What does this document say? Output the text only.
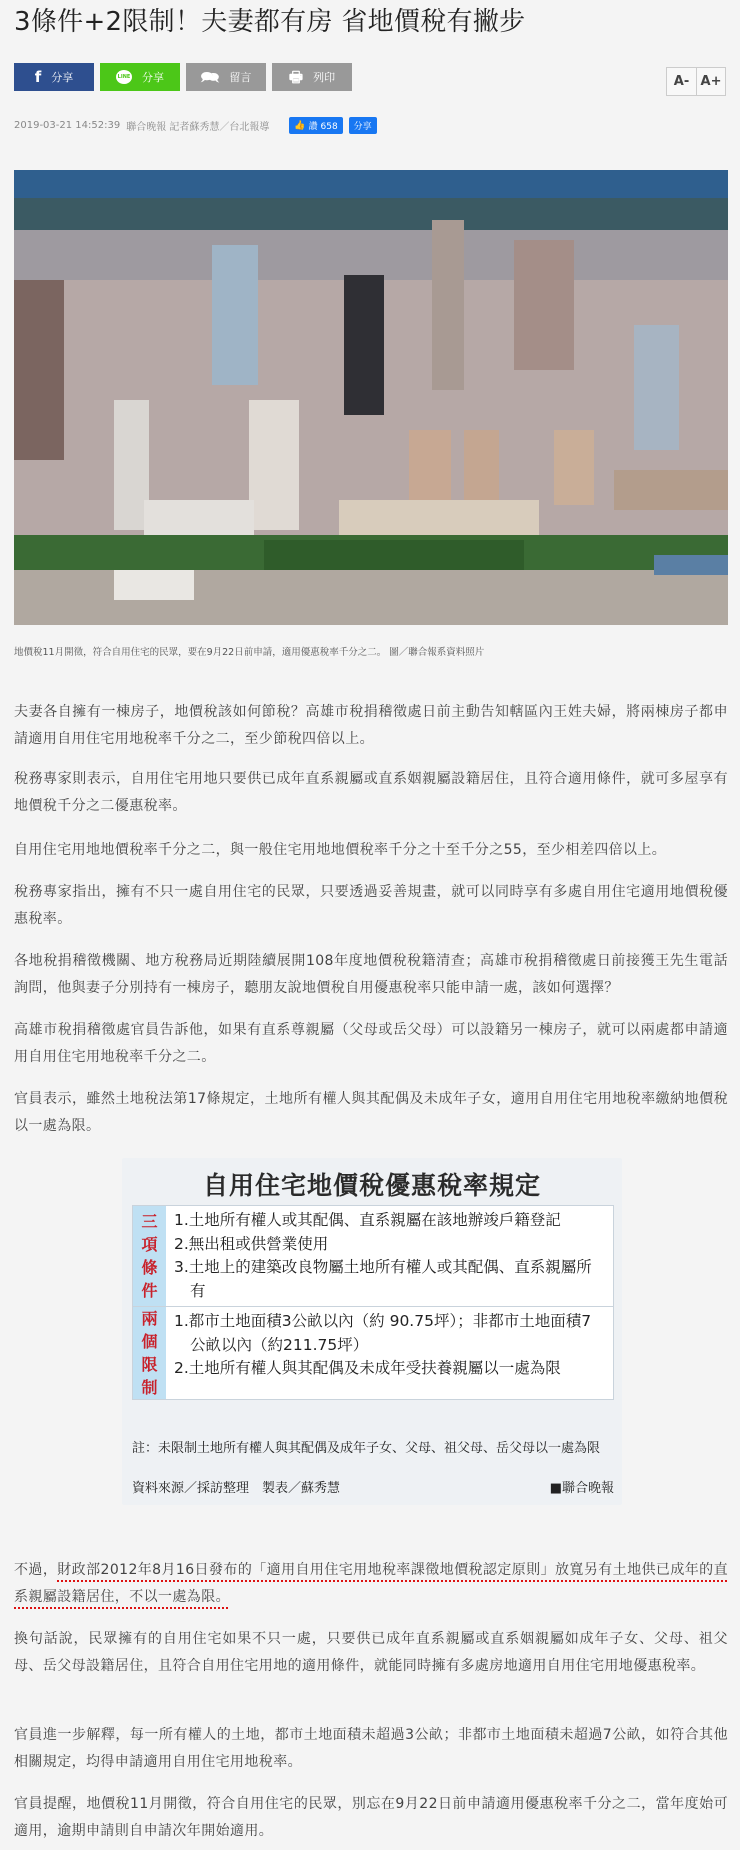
3條件+2限制！夫妻都有房 省地價稅有撇步
f 分享	LINE 分享 🗪 留言	🖶 列印	A- A+
2019-03-21 14:52:39 聯合晚報 記者蘇秀慧／台北報導	👍 讚 658	分享
地價稅11月開徵，符合自用住宅的民眾，要在9月22日前申請，適用優惠稅率千分之二。 圖／聯合報系資料照片

夫妻各自擁有一棟房子，地價稅該如何節稅？高雄市稅捐稽徵處日前主動告知轄區內王姓夫婦，將兩棟房子都申請適用自用住宅用地稅率千分之二，至少節稅四倍以上。

稅務專家則表示，自用住宅用地只要供已成年直系親屬或直系姻親屬設籍居住，且符合適用條件，就可多屋享有地價稅千分之二優惠稅率。

自用住宅用地地價稅率千分之二，與一般住宅用地地價稅率千分之十至千分之55，至少相差四倍以上。

稅務專家指出，擁有不只一處自用住宅的民眾，只要透過妥善規畫，就可以同時享有多處自用住宅適用地價稅優惠稅率。

各地稅捐稽徵機關、地方稅務局近期陸續展開108年度地價稅稅籍清查；高雄市稅捐稽徵處日前接獲王先生電話詢問，他與妻子分別持有一棟房子，聽朋友說地價稅自用優惠稅率只能申請一處，該如何選擇？

高雄市稅捐稽徵處官員告訴他，如果有直系尊親屬（父母或岳父母）可以設籍另一棟房子，就可以兩處都申請適用自用住宅用地稅率千分之二。

官員表示，雖然土地稅法第17條規定，土地所有權人與其配偶及未成年子女，適用自用住宅用地稅率繳納地價稅以一處為限。

自用住宅地價稅優惠稅率規定
三
項
條
件
1.土地所有權人或其配偶、直系親屬在該地辦竣戶籍登記
2.無出租或供營業使用
3.土地上的建築改良物屬土地所有權人或其配偶、直系親屬所有
兩
個
限
制
1.都市土地面積3公畝以內（約 90.75坪）；非都市土地面積7公畝以內（約211.75坪）
2.土地所有權人與其配偶及未成年受扶養親屬以一處為限
註：未限制土地所有權人與其配偶及成年子女、父母、祖父母、岳父母以一處為限
資料來源／採訪整理　製表／蘇秀慧	■聯合晚報

不過，財政部2012年8月16日發布的「適用自用住宅用地稅率課徵地價稅認定原則」放寬另有土地供已成年的直系親屬設籍居住，不以一處為限。

換句話說，民眾擁有的自用住宅如果不只一處，只要供已成年直系親屬或直系姻親屬如成年子女、父母、祖父母、岳父母設籍居住，且符合自用住宅用地的適用條件，就能同時擁有多處房地適用自用住宅用地優惠稅率。

官員進一步解釋，每一所有權人的土地，都市土地面積未超過3公畝；非都市土地面積未超過7公畝，如符合其他相關規定，均得申請適用自用住宅用地稅率。

官員提醒，地價稅11月開徵，符合自用住宅的民眾，別忘在9月22日前申請適用優惠稅率千分之二，當年度始可適用，逾期申請則自申請次年開始適用。
